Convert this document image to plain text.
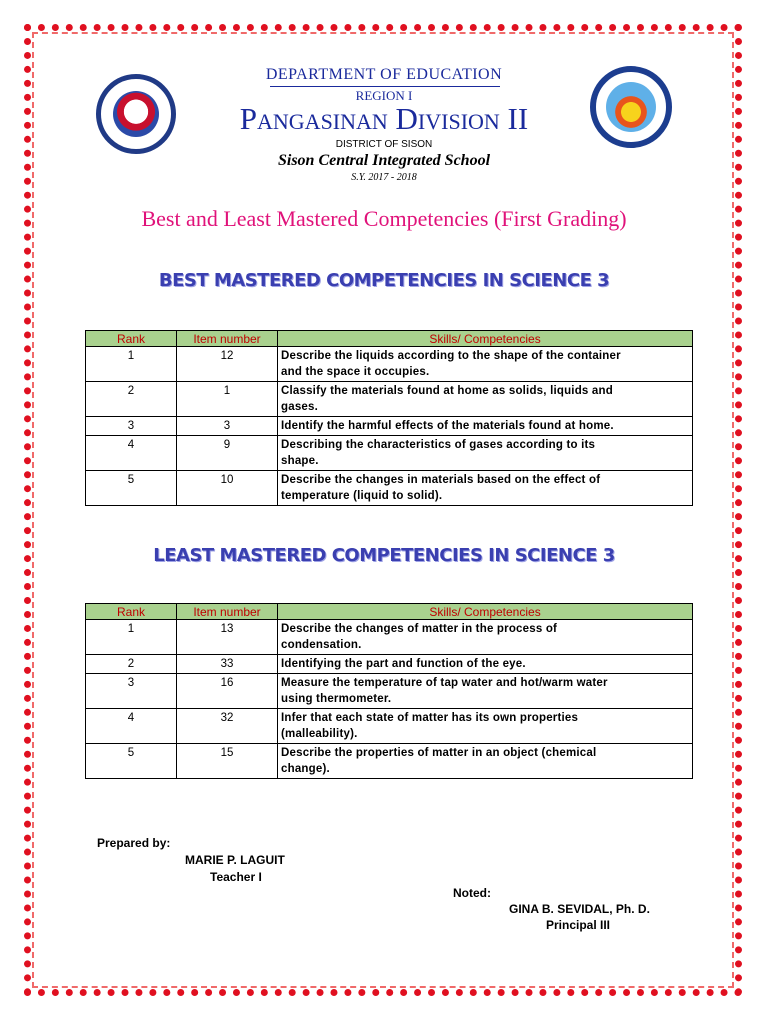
DEPARTMENT OF EDUCATION
REGION I
Pangasinan Division II
DISTRICT OF SISON
Sison Central Integrated School
S.Y. 2017 - 2018
Best and Least Mastered Competencies (First Grading)
BEST MASTERED COMPETENCIES IN SCIENCE 3
Rank	Item number	Skills/ Competencies
1	12	Describe the liquids according to the shape of the container
and the space it occupies.

2	1	Classify the materials found at home as solids, liquids and
gases.

3	3	Identify the harmful effects of the materials found at home.

4	9	Describing the characteristics of gases according to its
shape.

5	10	Describe the changes in materials based on the effect of
temperature (liquid to solid).
LEAST MASTERED COMPETENCIES IN SCIENCE 3
Rank	Item number	Skills/ Competencies
1	13	Describe the changes of matter in the process of
condensation.

2	33	Identifying the part and function of the eye.

3	16	Measure the temperature of tap water and hot/warm water
using thermometer.

4	32	Infer that each state of matter has its own properties
(malleability).

5	15	Describe the properties of matter in an object (chemical
change).
Prepared by:
MARIE P. LAGUIT
Teacher I
Noted:
GINA B. SEVIDAL, Ph. D.
Principal III
